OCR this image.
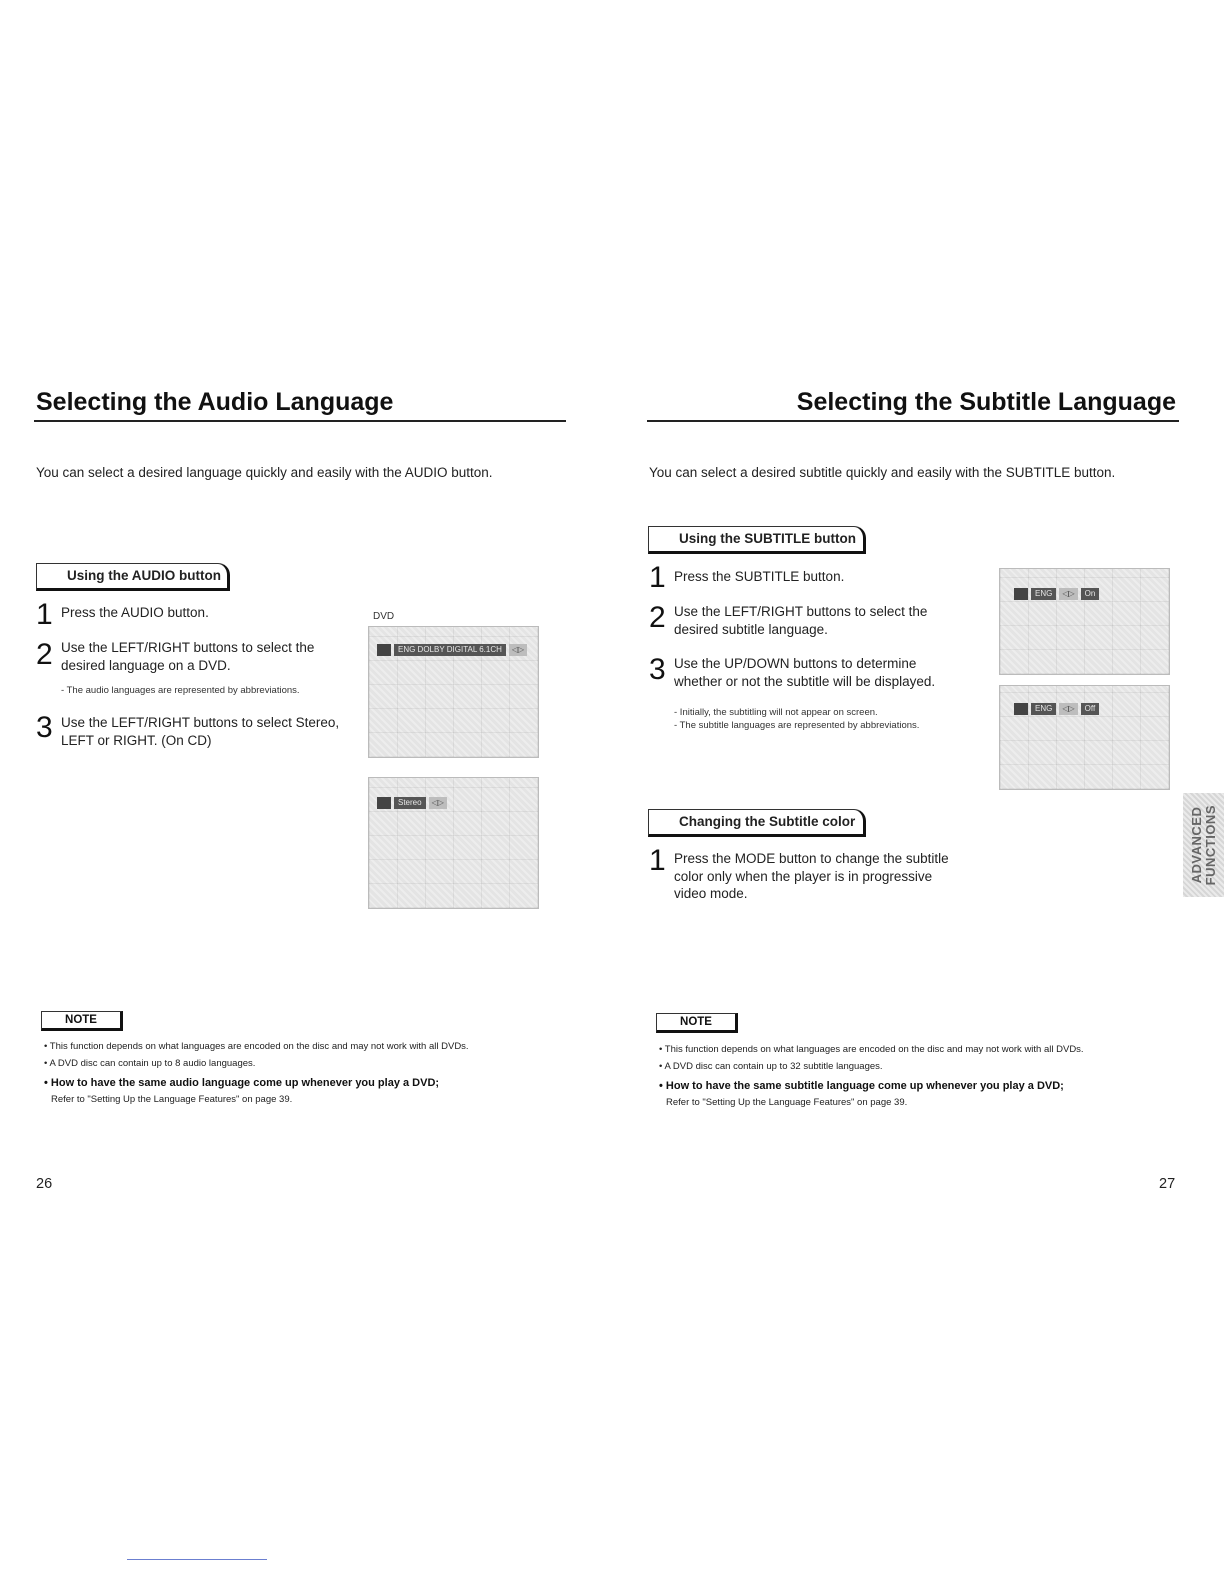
Selecting the Audio Language
You can select a desired language quickly and easily with the AUDIO button.
Using the AUDIO button
1 Press the AUDIO button.
2 Use the LEFT/RIGHT buttons to select the desired language on a DVD.
- The audio languages are represented by abbreviations.
3 Use the LEFT/RIGHT buttons to select Stereo, LEFT or RIGHT. (On CD)
DVD
ENG DOLBY DIGITAL 6.1CH	◁▷
Stereo	◁▷
NOTE
• This function depends on what languages are encoded on the disc and may not work with all DVDs.
• A DVD disc can contain up to 8 audio languages.
• How to have the same audio language come up whenever you play a DVD;
Refer to "Setting Up the Language Features" on page 39.
26
Selecting the Subtitle Language
You can select a desired subtitle quickly and easily with the SUBTITLE button.
Using the SUBTITLE button
1 Press the SUBTITLE button.
2 Use the LEFT/RIGHT buttons to select the desired subtitle language.
3 Use the UP/DOWN buttons to determine whether or not the subtitle will be displayed.
- Initially, the subtitling will not appear on screen.
- The subtitle languages are represented by abbreviations.
ENG	◁▷	On
ENG	◁▷	Off
Changing the Subtitle color
1 Press the MODE button to change the subtitle color only when the player is in progressive video mode.
NOTE
• This function depends on what languages are encoded on the disc and may not work with all DVDs.
• A DVD disc can contain up to 32 subtitle languages.
• How to have the same subtitle language come up whenever you play a DVD;
Refer to "Setting Up the Language Features" on page 39.
27
ADVANCED
FUNCTIONS
